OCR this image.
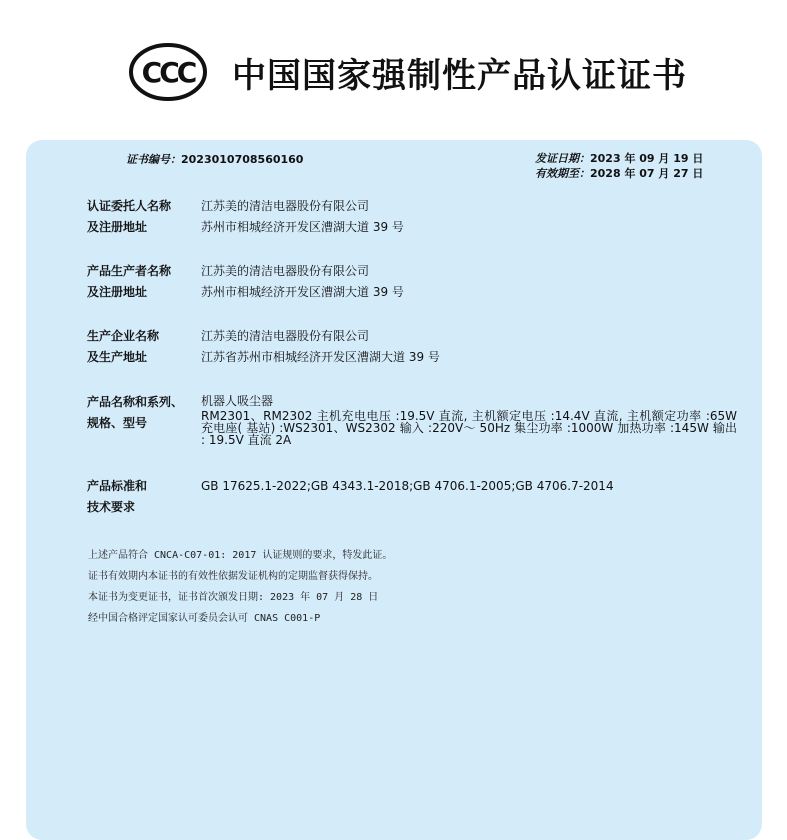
CCC 中国国家强制性产品认证证书
证书编号：2023010708560160	发证日期：2023 年 09 月 19 日
有效期至：2028 年 07 月 27 日
认证委托人名称
及注册地址
江苏美的清洁电器股份有限公司
苏州市相城经济开发区漕湖大道 39 号
产品生产者名称
及注册地址
江苏美的清洁电器股份有限公司
苏州市相城经济开发区漕湖大道 39 号
生产企业名称
及生产地址
江苏美的清洁电器股份有限公司
江苏省苏州市相城经济开发区漕湖大道 39 号
产品名称和系列、
规格、型号
机器人吸尘器
RM2301、RM2302 主机充电电压 :19.5V 直流, 主机额定电压 :14.4V 直流, 主机额定功率 :65W 充电座( 基站) :WS2301、WS2302 输入 :220V～ 50Hz 集尘功率 :1000W 加热功率 :145W 输出 : 19.5V 直流 2A
产品标准和
技术要求
GB 17625.1-2022;GB 4343.1-2018;GB 4706.1-2005;GB 4706.7-2014
上述产品符合 CNCA-C07-01: 2017 认证规则的要求，特发此证。
证书有效期内本证书的有效性依据发证机构的定期监督获得保持。
本证书为变更证书，证书首次颁发日期: 2023 年 07 月 28 日
经中国合格评定国家认可委员会认可 CNAS C001-P
